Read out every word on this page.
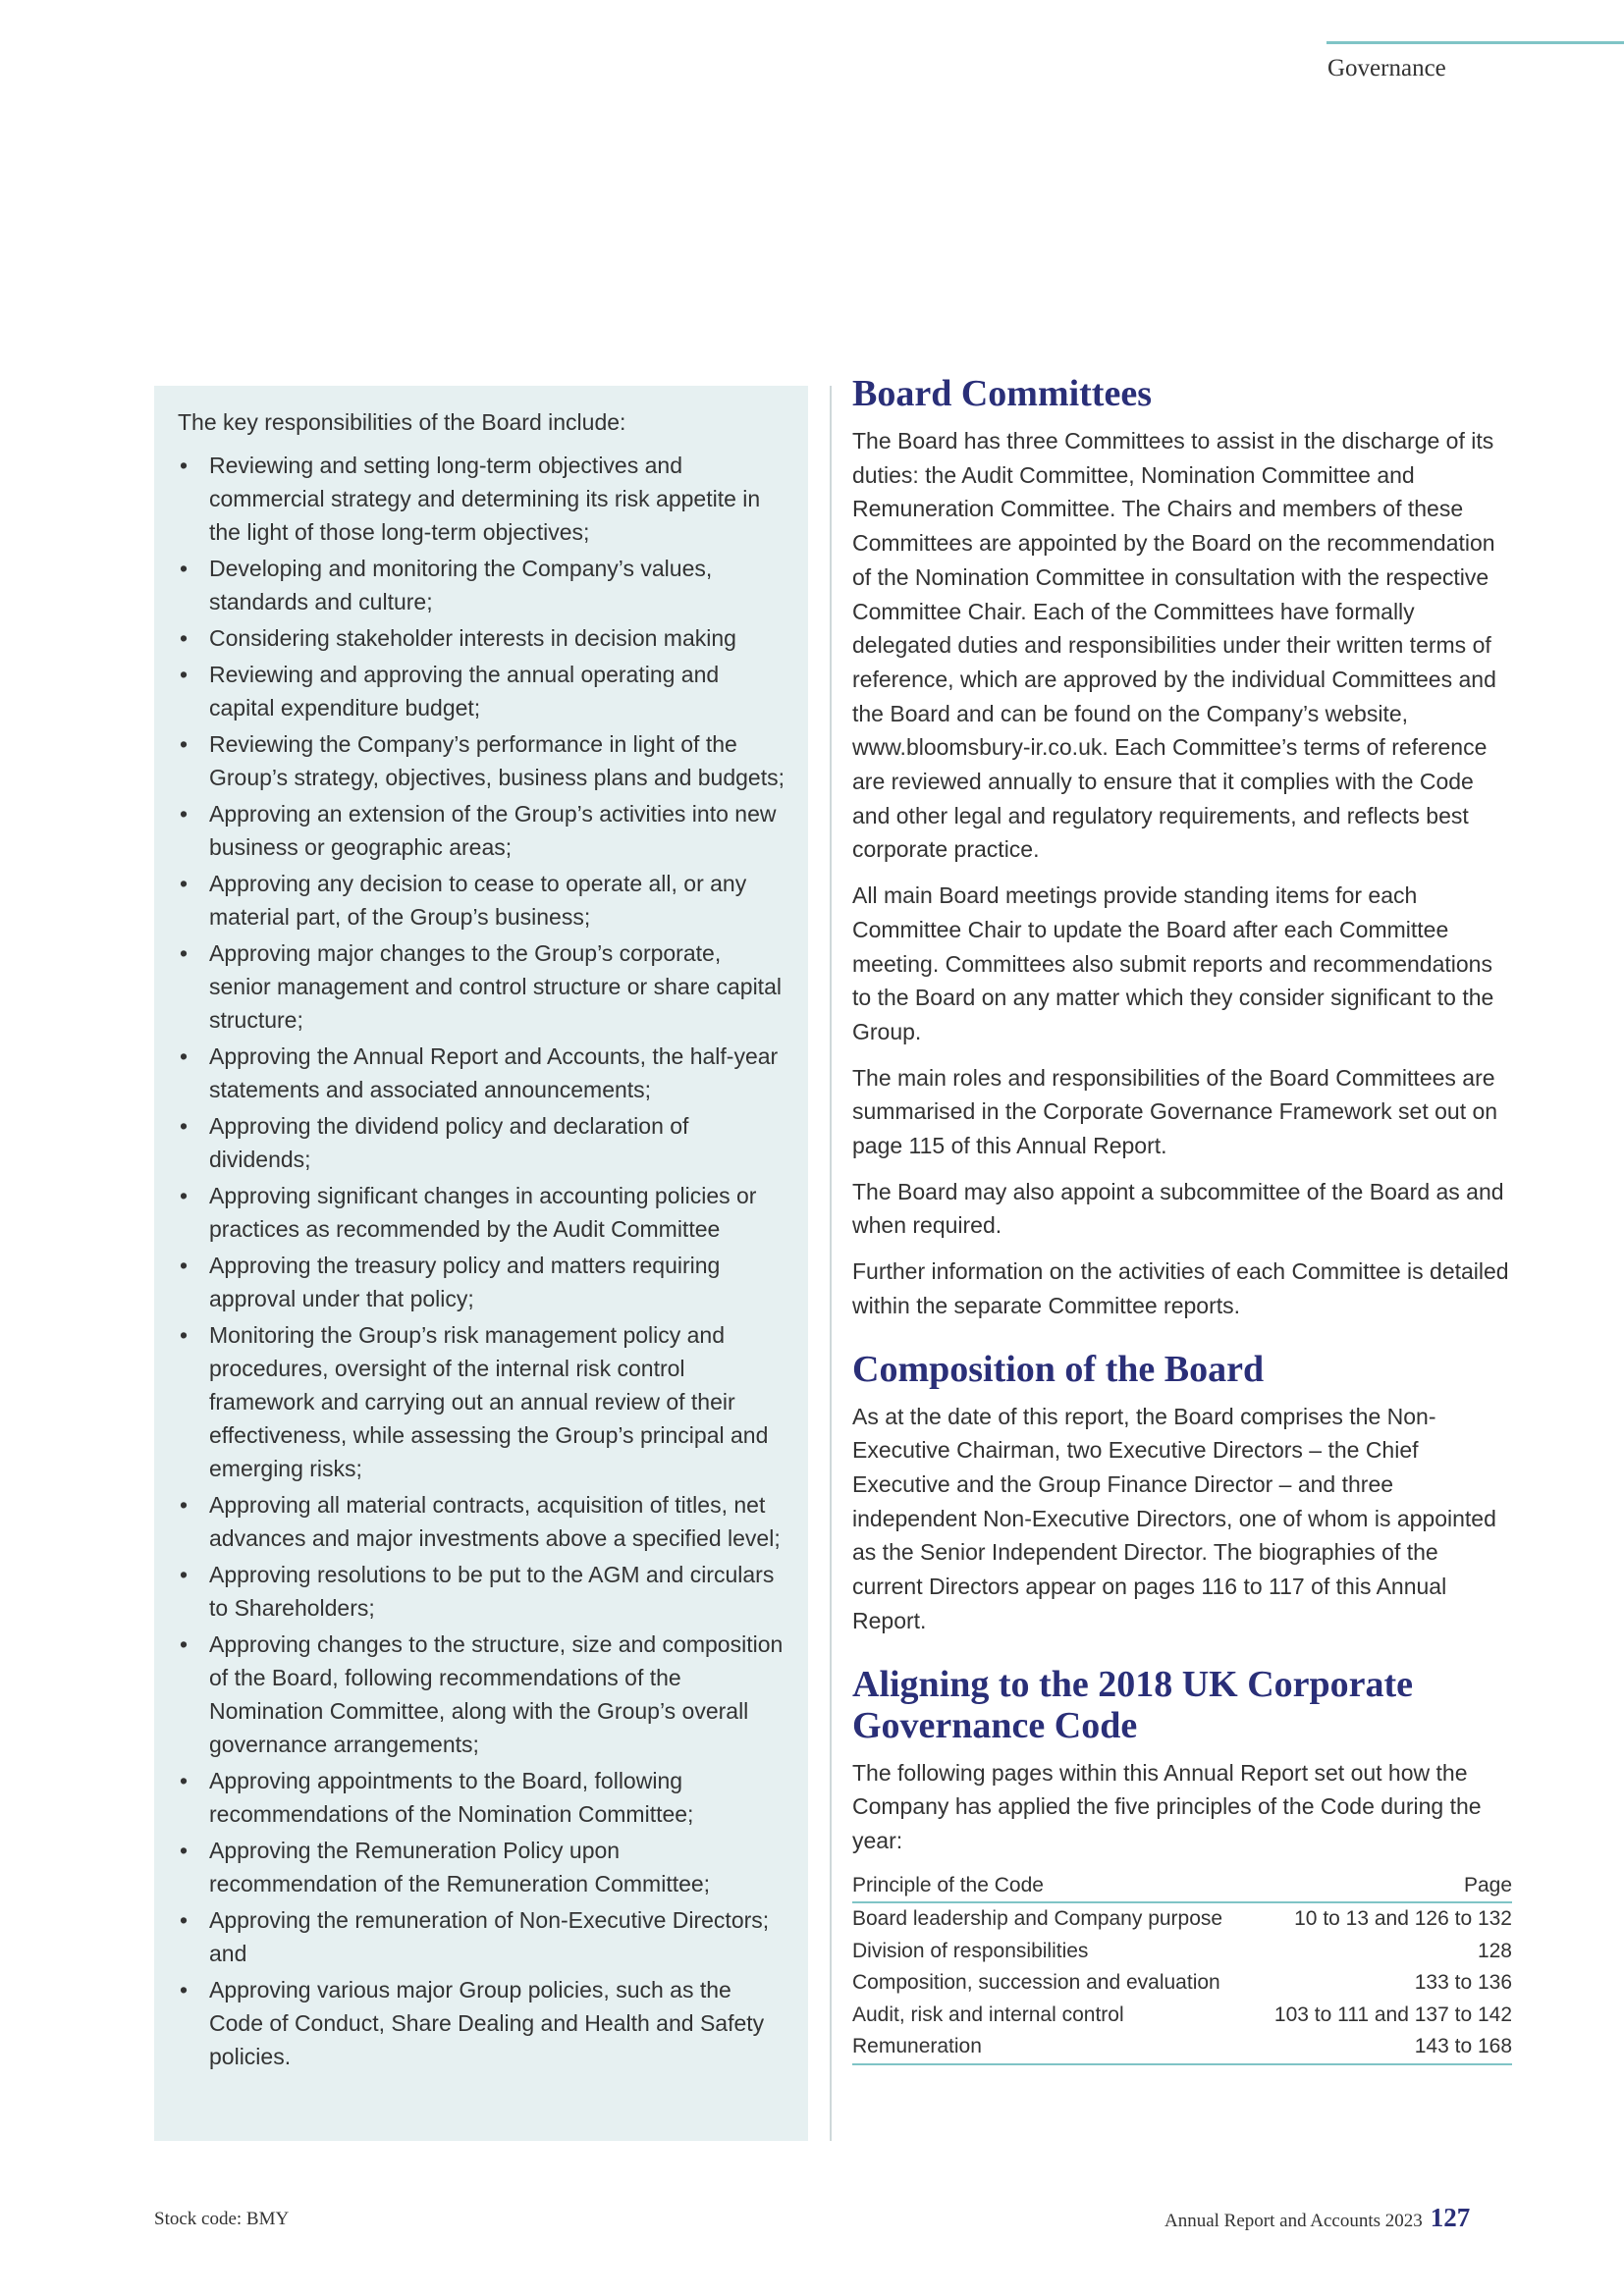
Governance

The key responsibilities of the Board include:

• Reviewing and setting long-term objectives and commercial strategy and determining its risk appetite in the light of those long-term objectives;
• Developing and monitoring the Company’s values, standards and culture;
• Considering stakeholder interests in decision making
• Reviewing and approving the annual operating and capital expenditure budget;
• Reviewing the Company’s performance in light of the Group’s strategy, objectives, business plans and budgets;
• Approving an extension of the Group’s activities into new business or geographic areas;
• Approving any decision to cease to operate all, or any material part, of the Group’s business;
• Approving major changes to the Group’s corporate, senior management and control structure or share capital structure;
• Approving the Annual Report and Accounts, the half-year statements and associated announcements;
• Approving the dividend policy and declaration of dividends;
• Approving significant changes in accounting policies or practices as recommended by the Audit Committee
• Approving the treasury policy and matters requiring approval under that policy;
• Monitoring the Group’s risk management policy and procedures, oversight of the internal risk control framework and carrying out an annual review of their effectiveness, while assessing the Group’s principal and emerging risks;
• Approving all material contracts, acquisition of titles, net advances and major investments above a specified level;
• Approving resolutions to be put to the AGM and circulars to Shareholders;
• Approving changes to the structure, size and composition of the Board, following recommendations of the Nomination Committee, along with the Group’s overall governance arrangements;
• Approving appointments to the Board, following recommendations of the Nomination Committee;
• Approving the Remuneration Policy upon recommendation of the Remuneration Committee;
• Approving the remuneration of Non-Executive Directors; and
• Approving various major Group policies, such as the Code of Conduct, Share Dealing and Health and Safety policies.
Board Committees

The Board has three Committees to assist in the discharge of its duties: the Audit Committee, Nomination Committee and Remuneration Committee. The Chairs and members of these Committees are appointed by the Board on the recommendation of the Nomination Committee in consultation with the respective Committee Chair. Each of the Committees have formally delegated duties and responsibilities under their written terms of reference, which are approved by the individual Committees and the Board and can be found on the Company’s website, www.bloomsbury-ir.co.uk. Each Committee’s terms of reference are reviewed annually to ensure that it complies with the Code and other legal and regulatory requirements, and reflects best corporate practice.

All main Board meetings provide standing items for each Committee Chair to update the Board after each Committee meeting. Committees also submit reports and recommendations to the Board on any matter which they consider significant to the Group.

The main roles and responsibilities of the Board Committees are summarised in the Corporate Governance Framework set out on page 115 of this Annual Report.

The Board may also appoint a subcommittee of the Board as and when required.

Further information on the activities of each Committee is detailed within the separate Committee reports.

Composition of the Board

As at the date of this report, the Board comprises the Non-Executive Chairman, two Executive Directors – the Chief Executive and the Group Finance Director – and three independent Non-Executive Directors, one of whom is appointed as the Senior Independent Director. The biographies of the current Directors appear on pages 116 to 117 of this Annual Report.

Aligning to the 2018 UK Corporate Governance Code

The following pages within this Annual Report set out how the Company has applied the five principles of the Code during the year:

Principle of the Code	Page
Board leadership and Company purpose	10 to 13 and 126 to 132
Division of responsibilities	128
Composition, succession and evaluation	133 to 136
Audit, risk and internal control	103 to 111 and 137 to 142
Remuneration	143 to 168
Stock code: BMY	Annual Report and Accounts 2023 127
